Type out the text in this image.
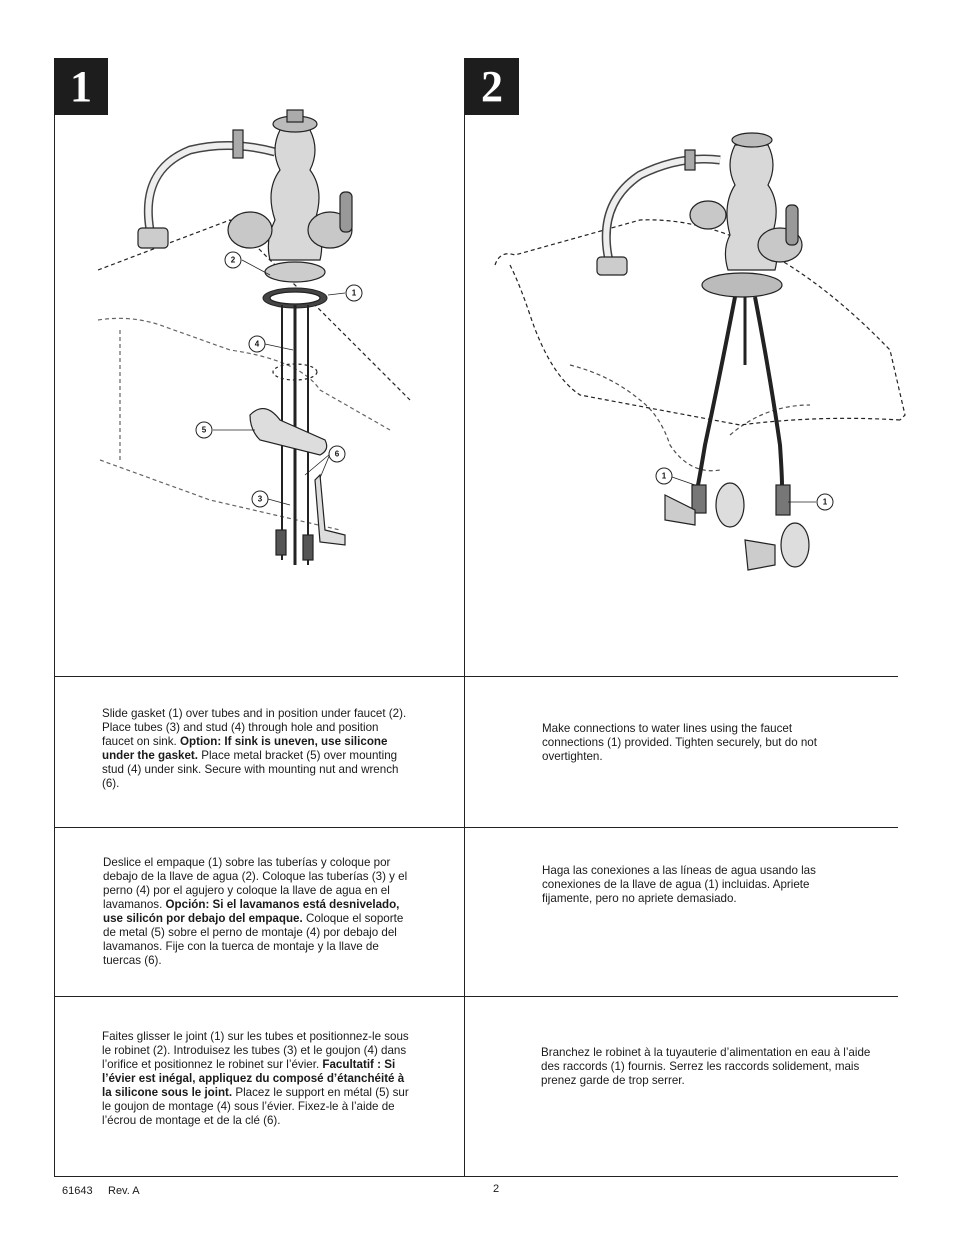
1	2
2
1
4
5
6
3
1
1
Slide gasket (1) over tubes and in position under faucet (2). Place tubes (3) and stud (4) through hole and position faucet on sink. Option: If sink is uneven, use silicone under the gasket. Place metal bracket (5) over mounting stud (4) under sink. Secure with mounting nut and wrench (6).
Make connections to water lines using the faucet connections (1) provided. Tighten securely, but do not overtighten.
Deslice el empaque (1) sobre las tuberías y coloque por debajo de la llave de agua (2). Coloque las tuberías (3) y el perno (4) por el agujero y coloque la llave de agua en el lavamanos. Opción: Si el lavamanos está desnivelado, use silicón por debajo del empaque. Coloque el soporte de metal (5) sobre el perno de montaje (4) por debajo del lavamanos. Fije con la tuerca de montaje y la llave de tuercas (6).
Haga las conexiones a las líneas de agua usando las conexiones de la llave de agua (1) incluidas. Apriete fijamente, pero no apriete demasiado.
Faites glisser le joint (1) sur les tubes et positionnez-le sous le robinet (2). Introduisez les tubes (3) et le goujon (4) dans l’orifice et positionnez le robinet sur l’évier. Facultatif : Si l’évier est inégal, appliquez du composé d’étanchéité à la silicone sous le joint. Placez le support en métal (5) sur le goujon de montage (4) sous l’évier. Fixez-le à l’aide de l’écrou de montage et de la clé (6).
Branchez le robinet à la tuyauterie d’alimentation en eau à l’aide des raccords (1) fournis. Serrez les raccords solidement, mais prenez garde de trop serrer.
61643 Rev. A	2
